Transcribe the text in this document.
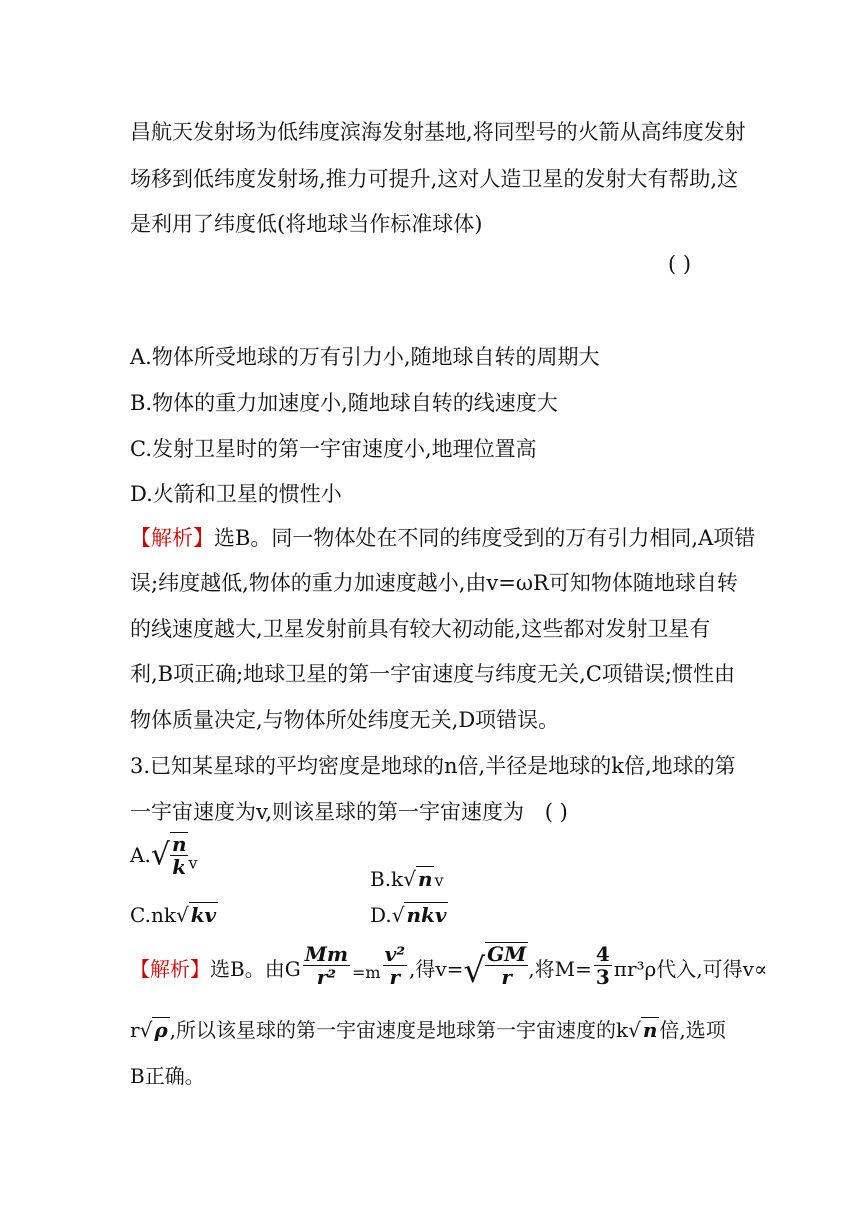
昌航天发射场为低纬度滨海发射基地,将同型号的火箭从高纬度发射
场移到低纬度发射场,推力可提升,这对人造卫星的发射大有帮助,这
是利用了纬度低(将地球当作标准球体)
( )
A.物体所受地球的万有引力小,随地球自转的周期大
B.物体的重力加速度小,随地球自转的线速度大
C.发射卫星时的第一宇宙速度小,地理位置高
D.火箭和卫星的惯性小
【解析】选B。同一物体处在不同的纬度受到的万有引力相同,A项错
误;纬度越低,物体的重力加速度越小,由v=ωR可知物体随地球自转
的线速度越大,卫星发射前具有较大初动能,这些都对发射卫星有
利,B项正确;地球卫星的第一宇宙速度与纬度无关,C项错误;惯性由
物体质量决定,与物体所处纬度无关,D项错误。
3.已知某星球的平均密度是地球的n倍,半径是地球的k倍,地球的第
一宇宙速度为v,则该星球的第一宇宙速度为 ( )
$A.√ \frac{n}{k} _v$
B.k√ n v
C.nk√ kv	D.√ nkv
【解析】 选B。由G $\frac{Mm}{\text{r²}} =m \frac{\text{v²}}{r}$ ,得v= √ $\frac{GM}{r}$ ,将$M= \frac{4}{3} \pi r^3\rho$代入,可得v∝
r√ ρ ,所以该星球的第一宇宙速度是地球第一宇宙速度的k√ n 倍,选项
B正确。
